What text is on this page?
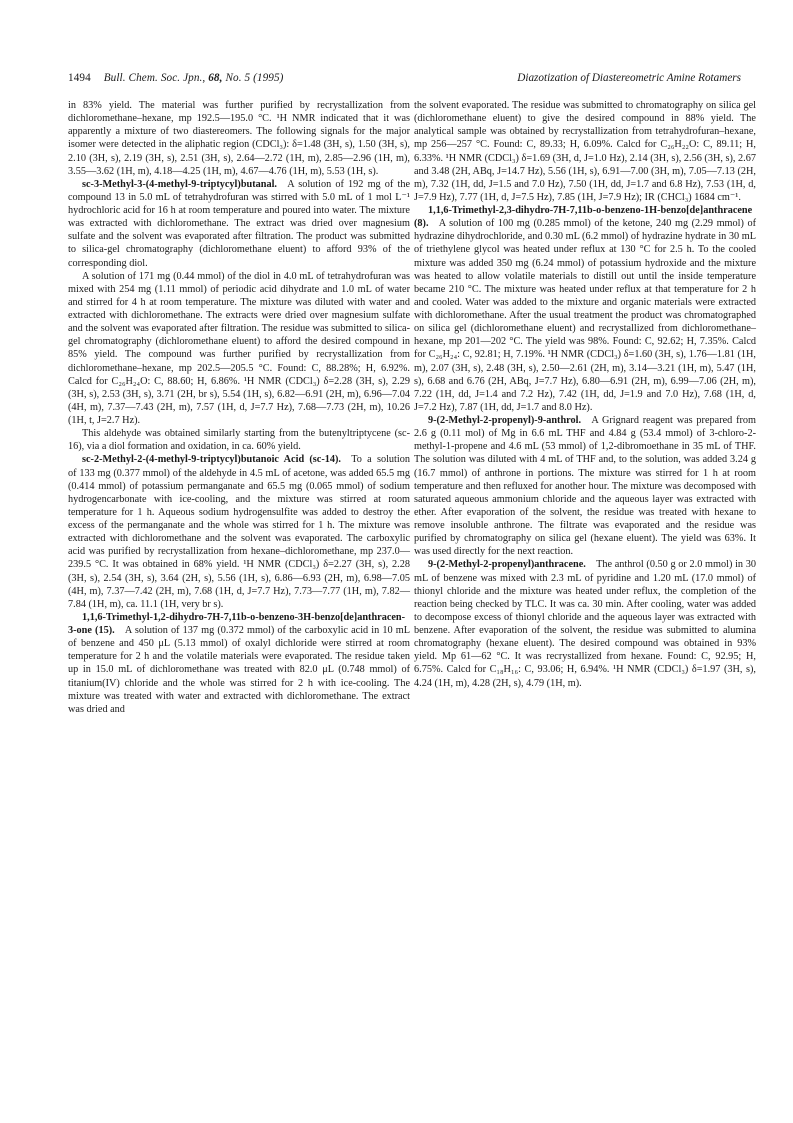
1494 Bull. Chem. Soc. Jpn., 68, No. 5 (1995)	Diazotization of Diastereometric Amine Rotamers

in 83% yield. The material was further purified by recrystallization from dichloromethane–hexane, mp 192.5—195.0 °C. ¹H NMR indicated that it was apparently a mixture of two diastereomers. The following signals for the major isomer were detected in the aliphatic region (CDCl₃): δ=1.48 (3H, s), 1.50 (3H, s), 2.10 (3H, s), 2.19 (3H, s), 2.51 (3H, s), 2.64—2.72 (1H, m), 2.85—2.96 (1H, m), 3.55—3.62 (1H, m), 4.18—4.25 (1H, m), 4.67—4.76 (1H, m), 5.53 (1H, s).

sc-3-Methyl-3-(4-methyl-9-triptycyl)butanal.  A solution of 192 mg of the compound 13 in 5.0 mL of tetrahydrofuran was stirred with 5.0 mL of 1 mol L⁻¹ hydrochloric acid for 16 h at room temperature and poured into water. The mixture was extracted with dichloromethane. The extract was dried over magnesium sulfate and the solvent was evaporated after filtration. The product was submitted to silica-gel chromatography (dichloromethane eluent) to afford 93% of the corresponding diol.

A solution of 171 mg (0.44 mmol) of the diol in 4.0 mL of tetrahydrofuran was mixed with 254 mg (1.11 mmol) of periodic acid dihydrate and 1.0 mL of water and stirred for 4 h at room temperature. The mixture was diluted with water and extracted with dichloromethane. The extracts were dried over magnesium sulfate and the solvent was evaporated after filtration. The residue was submitted to silica-gel chromatography (dichloromethane eluent) to afford the desired compound in 85% yield. The compound was further purified by recrystallization from dichloromethane–hexane, mp 202.5—205.5 °C. Found: C, 88.28%; H, 6.92%. Calcd for C₂₆H₂₄O: C, 88.60; H, 6.86%. ¹H NMR (CDCl₃) δ=2.28 (3H, s), 2.29 (3H, s), 2.53 (3H, s), 3.71 (2H, br s), 5.54 (1H, s), 6.82—6.91 (2H, m), 6.96—7.04 (4H, m), 7.37—7.43 (2H, m), 7.57 (1H, d, J=7.7 Hz), 7.68—7.73 (2H, m), 10.26 (1H, t, J=2.7 Hz).

This aldehyde was obtained similarly starting from the butenyltriptycene (sc-16), via a diol formation and oxidation, in ca. 60% yield.

sc-2-Methyl-2-(4-methyl-9-triptycyl)butanoic Acid (sc-14).  To a solution of 133 mg (0.377 mmol) of the aldehyde in 4.5 mL of acetone, was added 65.5 mg (0.414 mmol) of potassium permanganate and 65.5 mg (0.065 mmol) of sodium hydrogencarbonate with ice-cooling, and the mixture was stirred at room temperature for 1 h. Aqueous sodium hydrogensulfite was added to destroy the excess of the permanganate and the whole was stirred for 1 h. The mixture was extracted with dichloromethane and the solvent was evaporated. The carboxylic acid was purified by recrystallization from hexane–dichloromethane, mp 237.0—239.5 °C. It was obtained in 68% yield. ¹H NMR (CDCl₃) δ=2.27 (3H, s), 2.28 (3H, s), 2.54 (3H, s), 3.64 (2H, s), 5.56 (1H, s), 6.86—6.93 (2H, m), 6.98—7.05 (4H, m), 7.37—7.42 (2H, m), 7.68 (1H, d, J=7.7 Hz), 7.73—7.77 (1H, m), 7.82—7.84 (1H, m), ca. 11.1 (1H, very br s).

1,1,6-Trimethyl-1,2-dihydro-7H-7,11b-o-benzeno-3H-benzo[de]anthracen-3-one (15).  A solution of 137 mg (0.372 mmol) of the carboxylic acid in 10 mL of benzene and 450 μL (5.13 mmol) of oxalyl dichloride were stirred at room temperature for 2 h and the volatile materials were evaporated. The residue taken up in 15.0 mL of dichloromethane was treated with 82.0 μL (0.748 mmol) of titanium(IV) chloride and the whole was stirred for 2 h with ice-cooling. The mixture was treated with water and extracted with dichloromethane. The extract was dried and

the solvent evaporated. The residue was submitted to chromatography on silica gel (dichloromethane eluent) to give the desired compound in 88% yield. The analytical sample was obtained by recrystallization from tetrahydrofuran–hexane, mp 256—257 °C. Found: C, 89.33; H, 6.09%. Calcd for C₂₆H₂₂O: C, 89.11; H, 6.33%. ¹H NMR (CDCl₃) δ=1.69 (3H, d, J=1.0 Hz), 2.14 (3H, s), 2.56 (3H, s), 2.67 and 3.48 (2H, ABq, J=14.7 Hz), 5.56 (1H, s), 6.91—7.00 (3H, m), 7.05—7.13 (2H, m), 7.32 (1H, dd, J=1.5 and 7.0 Hz), 7.50 (1H, dd, J=1.7 and 6.8 Hz), 7.53 (1H, d, J=7.9 Hz), 7.77 (1H, d, J=7.5 Hz), 7.85 (1H, J=7.9 Hz); IR (CHCl₃) 1684 cm⁻¹.

1,1,6-Trimethyl-2,3-dihydro-7H-7,11b-o-benzeno-1H-benzo[de]anthracene (8).  A solution of 100 mg (0.285 mmol) of the ketone, 240 mg (2.29 mmol) of hydrazine dihydrochloride, and 0.30 mL (6.2 mmol) of hydrazine hydrate in 30 mL of triethylene glycol was heated under reflux at 130 °C for 2.5 h. To the cooled mixture was added 350 mg (6.24 mmol) of potassium hydroxide and the mixture was heated to allow volatile materials to distill out until the inside temperature became 210 °C. The mixture was heated under reflux at that temperature for 2 h and cooled. Water was added to the mixture and organic materials were extracted with dichloromethane. After the usual treatment the product was chromatographed on silica gel (dichloromethane eluent) and recrystallized from dichloromethane–hexane, mp 201—202 °C. The yield was 98%. Found: C, 92.62; H, 7.35%. Calcd for C₂₆H₂₄: C, 92.81; H, 7.19%. ¹H NMR (CDCl₃) δ=1.60 (3H, s), 1.76—1.81 (1H, m), 2.07 (3H, s), 2.48 (3H, s), 2.50—2.61 (2H, m), 3.14—3.21 (1H, m), 5.47 (1H, s), 6.68 and 6.76 (2H, ABq, J=7.7 Hz), 6.80—6.91 (2H, m), 6.99—7.06 (2H, m), 7.22 (1H, dd, J=1.4 and 7.2 Hz), 7.42 (1H, dd, J=1.9 and 7.0 Hz), 7.68 (1H, d, J=7.2 Hz), 7.87 (1H, dd, J=1.7 and 8.0 Hz).

9-(2-Methyl-2-propenyl)-9-anthrol.  A Grignard reagent was prepared from 2.6 g (0.11 mol) of Mg in 6.6 mL THF and 4.84 g (53.4 mmol) of 3-chloro-2-methyl-1-propene and 4.6 mL (53 mmol) of 1,2-dibromoethane in 35 mL of THF. The solution was diluted with 4 mL of THF and, to the solution, was added 3.24 g (16.7 mmol) of anthrone in portions. The mixture was stirred for 1 h at room temperature and then refluxed for another hour. The mixture was decomposed with saturated aqueous ammonium chloride and the aqueous layer was extracted with ether. After evaporation of the solvent, the residue was treated with hexane to remove insoluble anthrone. The filtrate was evaporated and the residue was purified by chromatography on silica gel (hexane eluent). The yield was 63%. It was used directly for the next reaction.

9-(2-Methyl-2-propenyl)anthracene.  The anthrol (0.50 g or 2.0 mmol) in 30 mL of benzene was mixed with 2.3 mL of pyridine and 1.20 mL (17.0 mmol) of thionyl chloride and the mixture was heated under reflux, the completion of the reaction being checked by TLC. It was ca. 30 min. After cooling, water was added to decompose excess of thionyl chloride and the aqueous layer was extracted with benzene. After evaporation of the solvent, the residue was submitted to alumina chromatography (hexane eluent). The desired compound was obtained in 93% yield. Mp 61—62 °C. It was recrystallized from hexane. Found: C, 92.95; H, 6.75%. Calcd for C₁₈H₁₆: C, 93.06; H, 6.94%. ¹H NMR (CDCl₃) δ=1.97 (3H, s), 4.24 (1H, m), 4.28 (2H, s), 4.79 (1H, m).
